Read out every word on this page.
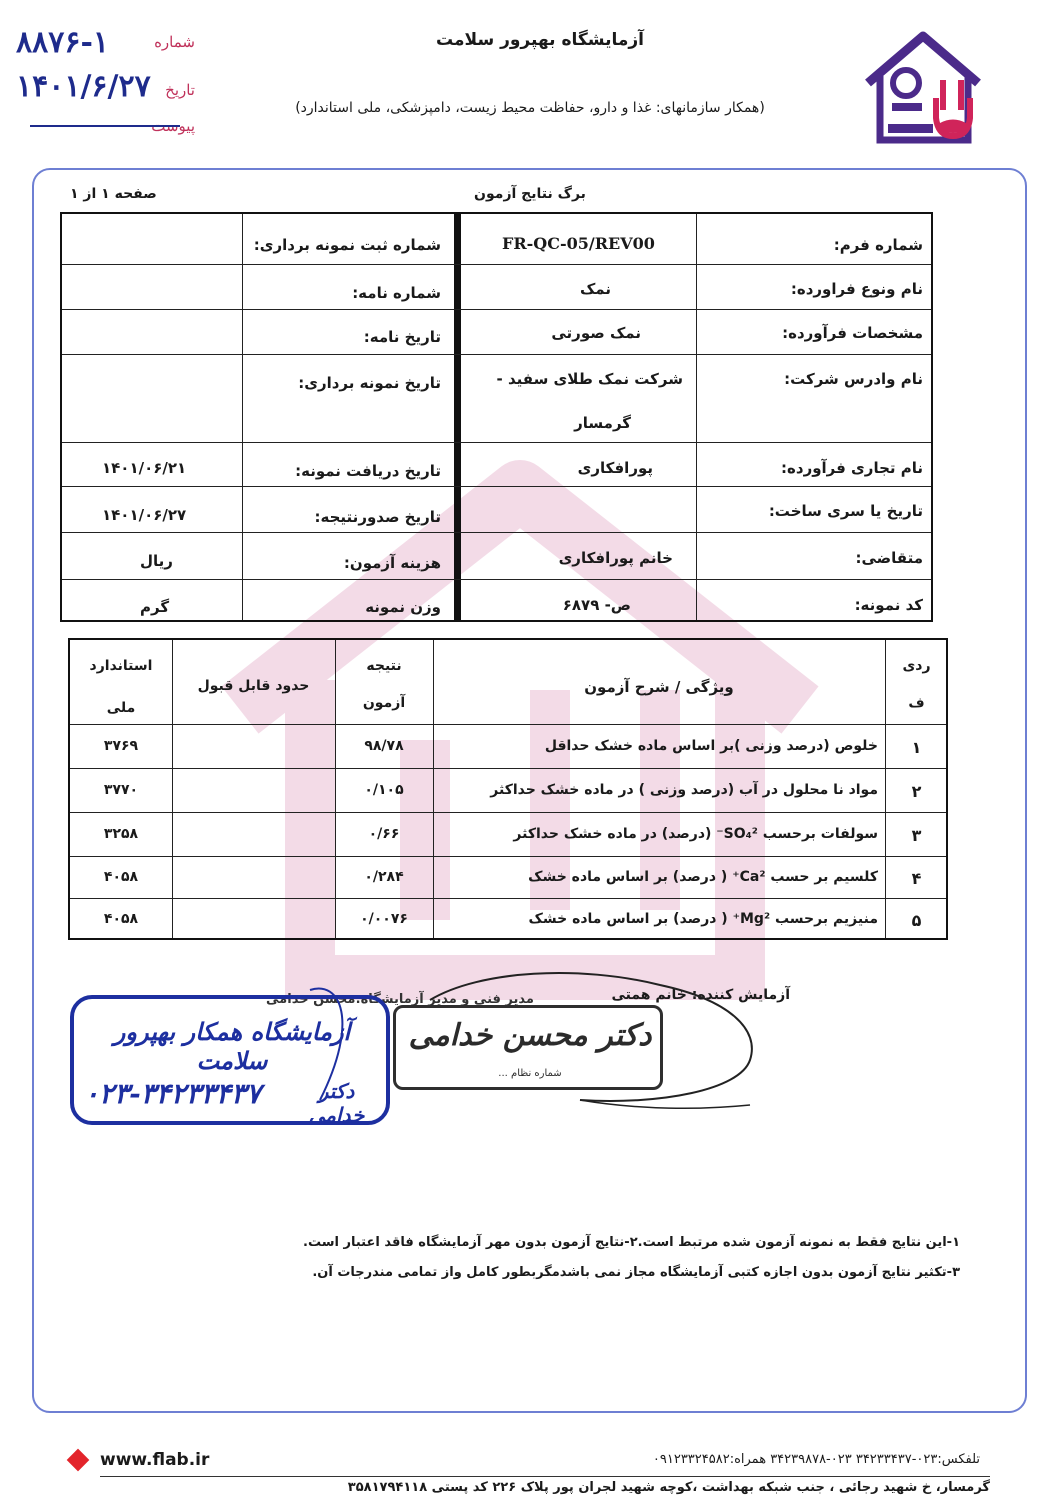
آزمایشگاه بهپرور سلامت
(همکار سازمانهای: غذا و دارو، حفاظت محیط زیست، دامپزشکی، ملی استاندارد)
شماره
۸۸۷۶-۱
تاریخ
۱۴۰۱/۶/۲۷
پیوست
برگ نتایج آزمون
صفحه ۱ از ۱
شماره فرم:
نام ونوع فراورده:
مشخصات فرآورده:
نام وادرس شرکت:
نام تجاری فرآورده:
تاریخ یا سری ساخت:
متقاضی:
کد نمونه:
FR-QC-05/REV00
نمک
نمک صورتی
شرکت نمک طلای سفید -
گرمسار
پورافکاری
خانم پورافکاری
ص- ۶۸۷۹
شماره ثبت نمونه برداری:
شماره نامه:
تاریخ نامه:
تاریخ نمونه برداری:
تاریخ دریافت نمونه:
تاریخ صدورنتیجه:
هزینه آزمون:
وزن نمونه
۱۴۰۱/۰۶/۲۱
۱۴۰۱/۰۶/۲۷
ریال
گرم
ردی
ف
ویژگی / شرح آزمون
نتیجه
آزمون
حدود قابل قبول
استاندارد
ملی
۱
خلوص (درصد وزنی )بر اساس ماده خشک حداقل
۹۸/۷۸
۳۷۶۹
۲
مواد نا محلول در آب (درصد وزنی ) در ماده خشک حداکثر
۰/۱۰۵
۳۷۷۰
۳
سولفات برحسب SO₄²⁻ (درصد) در ماده خشک حداکثر
۰/۶۶
۳۲۵۸
۴
کلسیم بر حسب Ca²⁺ ( درصد) بر اساس ماده خشک
۰/۲۸۴
۴۰۵۸
۵
منیزیم برحسب Mg²⁺ ( درصد) بر اساس ماده خشک
۰/۰۰۷۶
۴۰۵۸
آزمایش کننده: خانم همتی
مدیر فنی و مدیر آزمایشگاه:محسن خدامی
آزمایشگاه همکار بهپرور سلامت
۰۲۳-۳۴۲۳۳۴۳۷	دکتر خدامی
دکتر محسن خدامی
شماره نظام ...
۱-این نتایج فقط به نمونه آزمون شده مرتبط است.۲-نتایج آزمون بدون مهر آزمایشگاه فاقد اعتبار است.
۳-تکثیر نتایج آزمون بدون اجازه کتبی آزمایشگاه مجاز نمی باشدمگربطور کامل واز تمامی مندرجات آن.
www.flab.ir	تلفکس:۰۲۳-۳۴۲۳۳۴۳۷ ۰۲۳-۳۴۲۳۹۸۷۸ همراه:۰۹۱۲۳۳۲۴۵۸۲
گرمسار، خ شهید رجائی ، جنب شبکه بهداشت ،کوچه شهید لجران پور پلاک ۲۲۶ کد پستی ۳۵۸۱۷۹۴۱۱۸
